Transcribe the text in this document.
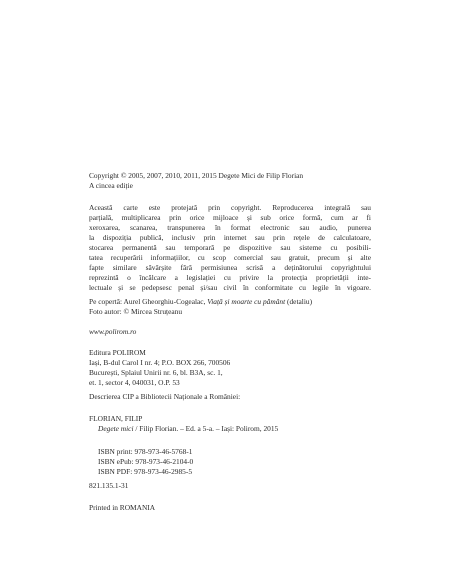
Copyright © 2005, 2007, 2010, 2011, 2015 Degete Mici de Filip Florian

A cincea ediție

Această carte este protejată prin copyright. Reproducerea integrală sau

parțială, multiplicarea prin orice mijloace și sub orice formă, cum ar fi

xeroxarea, scanarea, transpunerea în format electronic sau audio, punerea

la dispoziția publică, inclusiv prin internet sau prin rețele de calculatoare,

stocarea permanentă sau temporară pe dispozitive sau sisteme cu posibili-

tatea recuperării informațiilor, cu scop comercial sau gratuit, precum și alte

fapte similare săvârșite fără permisiunea scrisă a deținătorului copyrightului

reprezintă o încălcare a legislației cu privire la protecția proprietății inte-

lectuale și se pedepsesc penal și/sau civil în conformitate cu legile în vigoare.

Pe copertă: Aurel Gheorghiu-Cogealac, Viață și moarte cu pământ (detaliu)

Foto autor: © Mircea Struțeanu

www.polirom.ro

Editura POLIROM

Iași, B-dul Carol I nr. 4; P.O. BOX 266, 700506

București, Splaiul Unirii nr. 6, bl. B3A, sc. 1,

et. 1, sector 4, 040031, O.P. 53

Descrierea CIP a Bibliotecii Naționale a României:

FLORIAN, FILIP

Degete mici / Filip Florian. – Ed. a 5-a. – Iași: Polirom, 2015

ISBN print: 978-973-46-5768-1

ISBN ePub: 978-973-46-2104-0

ISBN PDF: 978-973-46-2985-5

821.135.1-31

Printed in ROMANIA
